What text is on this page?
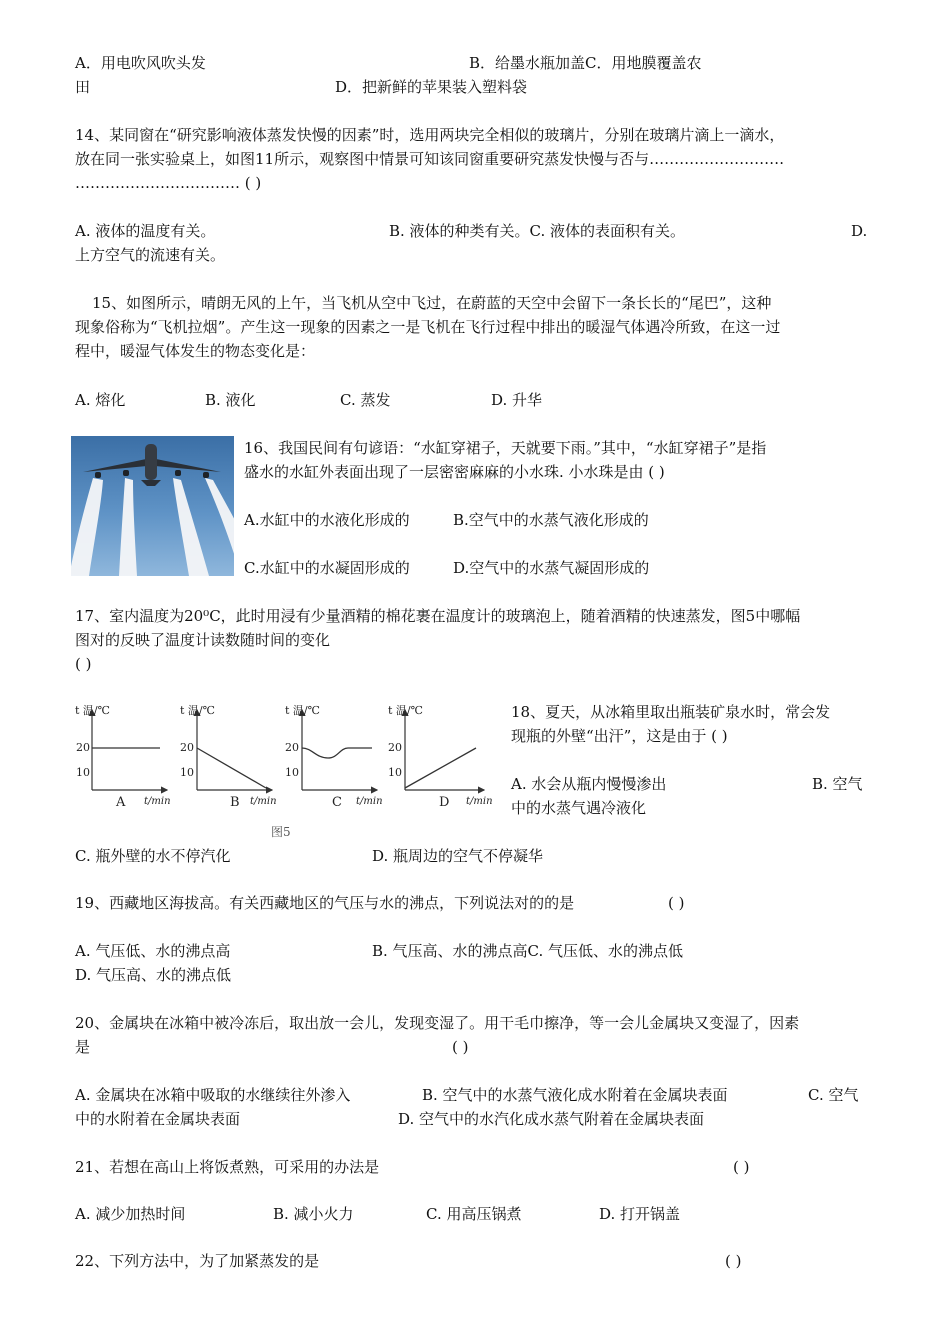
A．用电吹风吹头发	B．给墨水瓶加盖C．用地膜覆盖农
田	D．把新鲜的苹果装入塑料袋
14、某同窗在“研究影响液体蒸发快慢的因素”时，选用两块完全相似的玻璃片，分别在玻璃片滴上一滴水，
放在同一张实验桌上，如图11所示，观察图中情景可知该同窗重要研究蒸发快慢与否与………………………
…………………………… ( )
A. 液体的温度有关。	B. 液体的种类有关。C. 液体的表面积有关。	D.
上方空气的流速有关。
15、如图所示，晴朗无风的上午，当飞机从空中飞过，在蔚蓝的天空中会留下一条长长的“尾巴”，这种
现象俗称为“飞机拉烟”。产生这一现象的因素之一是飞机在飞行过程中排出的暖湿气体遇冷所致，在这一过
程中，暖湿气体发生的物态变化是：
A. 熔化	B. 液化	C. 蒸发	D. 升华
16、我国民间有句谚语：“水缸穿裙子，天就要下雨。”其中，“水缸穿裙子”是指
盛水的水缸外表面出现了一层密密麻麻的小水珠. 小水珠是由 ( )
A.水缸中的水液化形成的	B.空气中的水蒸气液化形成的
C.水缸中的水凝固形成的	D.空气中的水蒸气凝固形成的
17、室内温度为20⁰C，此时用浸有少量酒精的棉花裹在温度计的玻璃泡上，随着酒精的快速蒸发，图5中哪幅
图对的反映了温度计读数随时间的变化
( )
t 温/℃
20
10
A t/min
t 温/℃
20
10
B t/min
t 温/℃
20
10
C t/min
t 温/℃
20
10
D t/min
图5
18、夏天，从冰箱里取出瓶装矿泉水时，常会发
现瓶的外壁“出汗”，这是由于 ( )
A. 水会从瓶内慢慢渗出	B. 空气
中的水蒸气遇冷液化
C. 瓶外壁的水不停汽化	D. 瓶周边的空气不停凝华
19、西藏地区海拔高。有关西藏地区的气压与水的沸点，下列说法对的的是	( )
A. 气压低、水的沸点高	B. 气压高、水的沸点高C. 气压低、水的沸点低
D. 气压高、水的沸点低
20、金属块在冰箱中被冷冻后，取出放一会儿，发现变湿了。用干毛巾擦净，等一会儿金属块又变湿了，因素
是	( )
A. 金属块在冰箱中吸取的水继续往外渗入	B. 空气中的水蒸气液化成水附着在金属块表面	C. 空气
中的水附着在金属块表面	D. 空气中的水汽化成水蒸气附着在金属块表面
21、若想在高山上将饭煮熟，可采用的办法是	( )
A. 减少加热时间	B. 减小火力	C. 用高压锅煮	D. 打开锅盖
22、下列方法中，为了加紧蒸发的是	( )
